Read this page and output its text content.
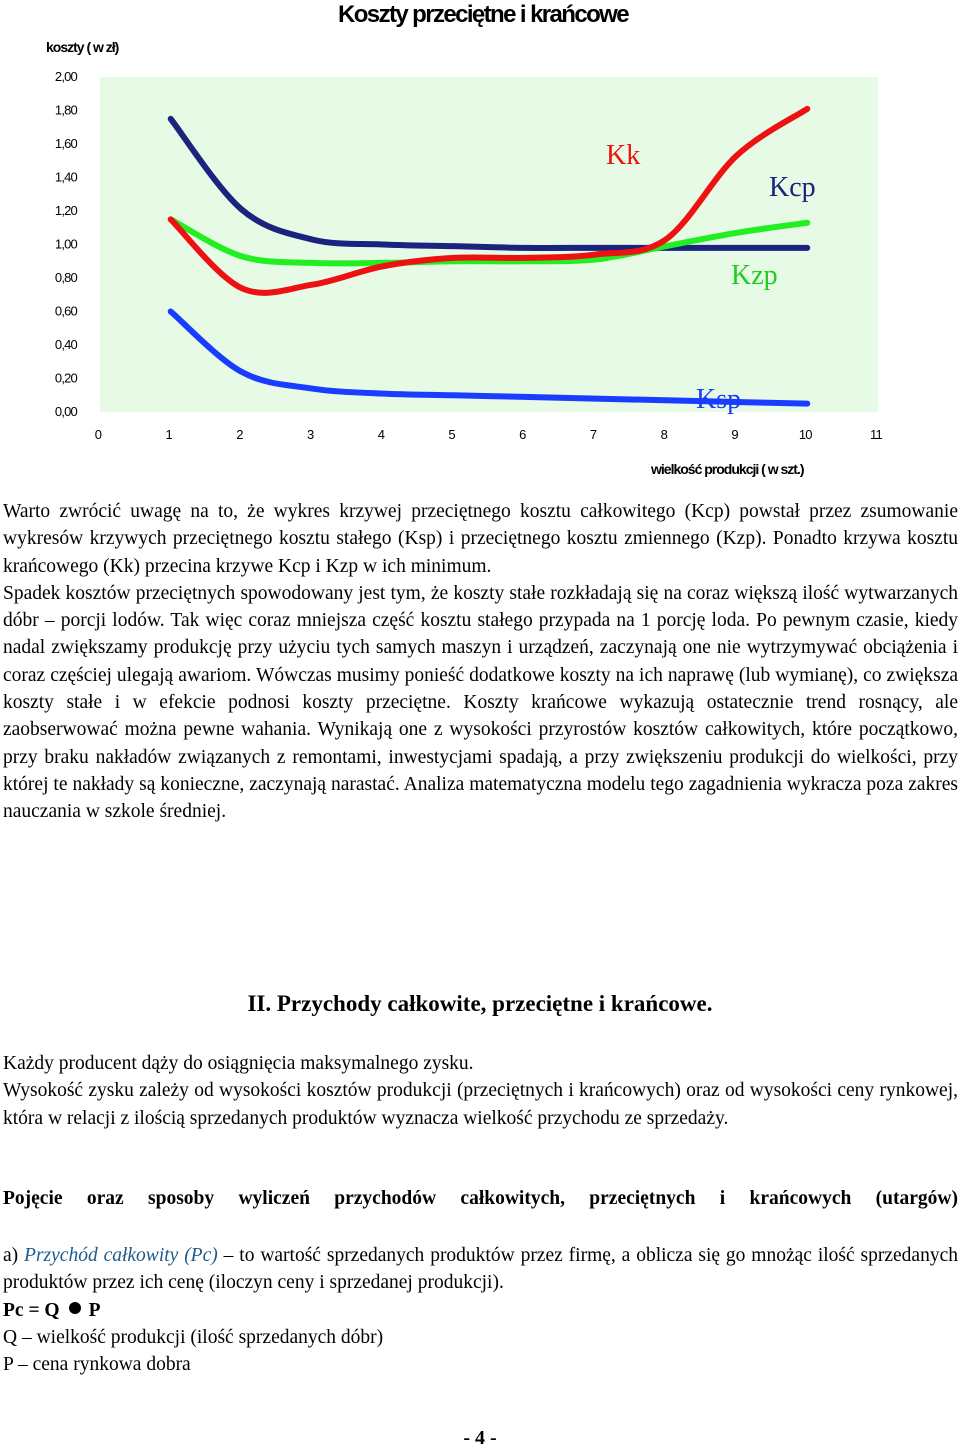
Koszty przeciętne i krańcowe
koszty ( w zł)
0,00
0,20
0,40
0,60
0,80
1,00
1,20
1,40
1,60
1,80
2,00
0	1	2	3	4	5	6	7	8	9	10	11
wielkość produkcji ( w szt.)
Kk
Kcp
Kzp
Ksp

Warto zwrócić uwagę na to, że wykres krzywej przeciętnego kosztu całkowitego (Kcp) powstał przez zsumowanie wykresów krzywych przeciętnego kosztu stałego (Ksp) i przeciętnego kosztu zmiennego (Kzp). Ponadto krzywa kosztu krańcowego (Kk) przecina krzywe Kcp i Kzp w ich minimum.

Spadek kosztów przeciętnych spowodowany jest tym, że koszty stałe rozkładają się na coraz większą ilość wytwarzanych dóbr – porcji lodów. Tak więc coraz mniejsza część kosztu stałego przypada na 1 porcję loda. Po pewnym czasie, kiedy nadal zwiększamy produkcję przy użyciu tych samych maszyn i urządzeń, zaczynają one nie wytrzymywać obciążenia i coraz częściej ulegają awariom. Wówczas musimy ponieść dodatkowe koszty na ich naprawę (lub wymianę), co zwiększa koszty stałe i w efekcie podnosi koszty przeciętne. Koszty krańcowe wykazują ostatecznie trend rosnący, ale zaobserwować można pewne wahania. Wynikają one z wysokości przyrostów kosztów całkowitych, które początkowo, przy braku nakładów związanych z remontami, inwestycjami spadają, a przy zwiększeniu produkcji do wielkości, przy której te nakłady są konieczne, zaczynają narastać. Analiza matematyczna modelu tego zagadnienia wykracza poza zakres nauczania w szkole średniej.

II. Przychody całkowite, przeciętne i krańcowe.

Każdy producent dąży do osiągnięcia maksymalnego zysku.

Wysokość zysku zależy od wysokości kosztów produkcji (przeciętnych i krańcowych) oraz od wysokości ceny rynkowej, która w relacji z ilością sprzedanych produktów wyznacza wielkość przychodu ze sprzedaży.

Pojęcie oraz sposoby wyliczeń przychodów całkowitych, przeciętnych i krańcowych (utargów)

a) Przychód całkowity (Pc) – to wartość sprzedanych produktów przez firmę, a oblicza się go mnożąc ilość sprzedanych produktów przez ich cenę (iloczyn ceny i sprzedanej produkcji).

Pc = Q P

Q – wielkość produkcji (ilość sprzedanych dóbr)

P – cena rynkowa dobra

- 4 -
